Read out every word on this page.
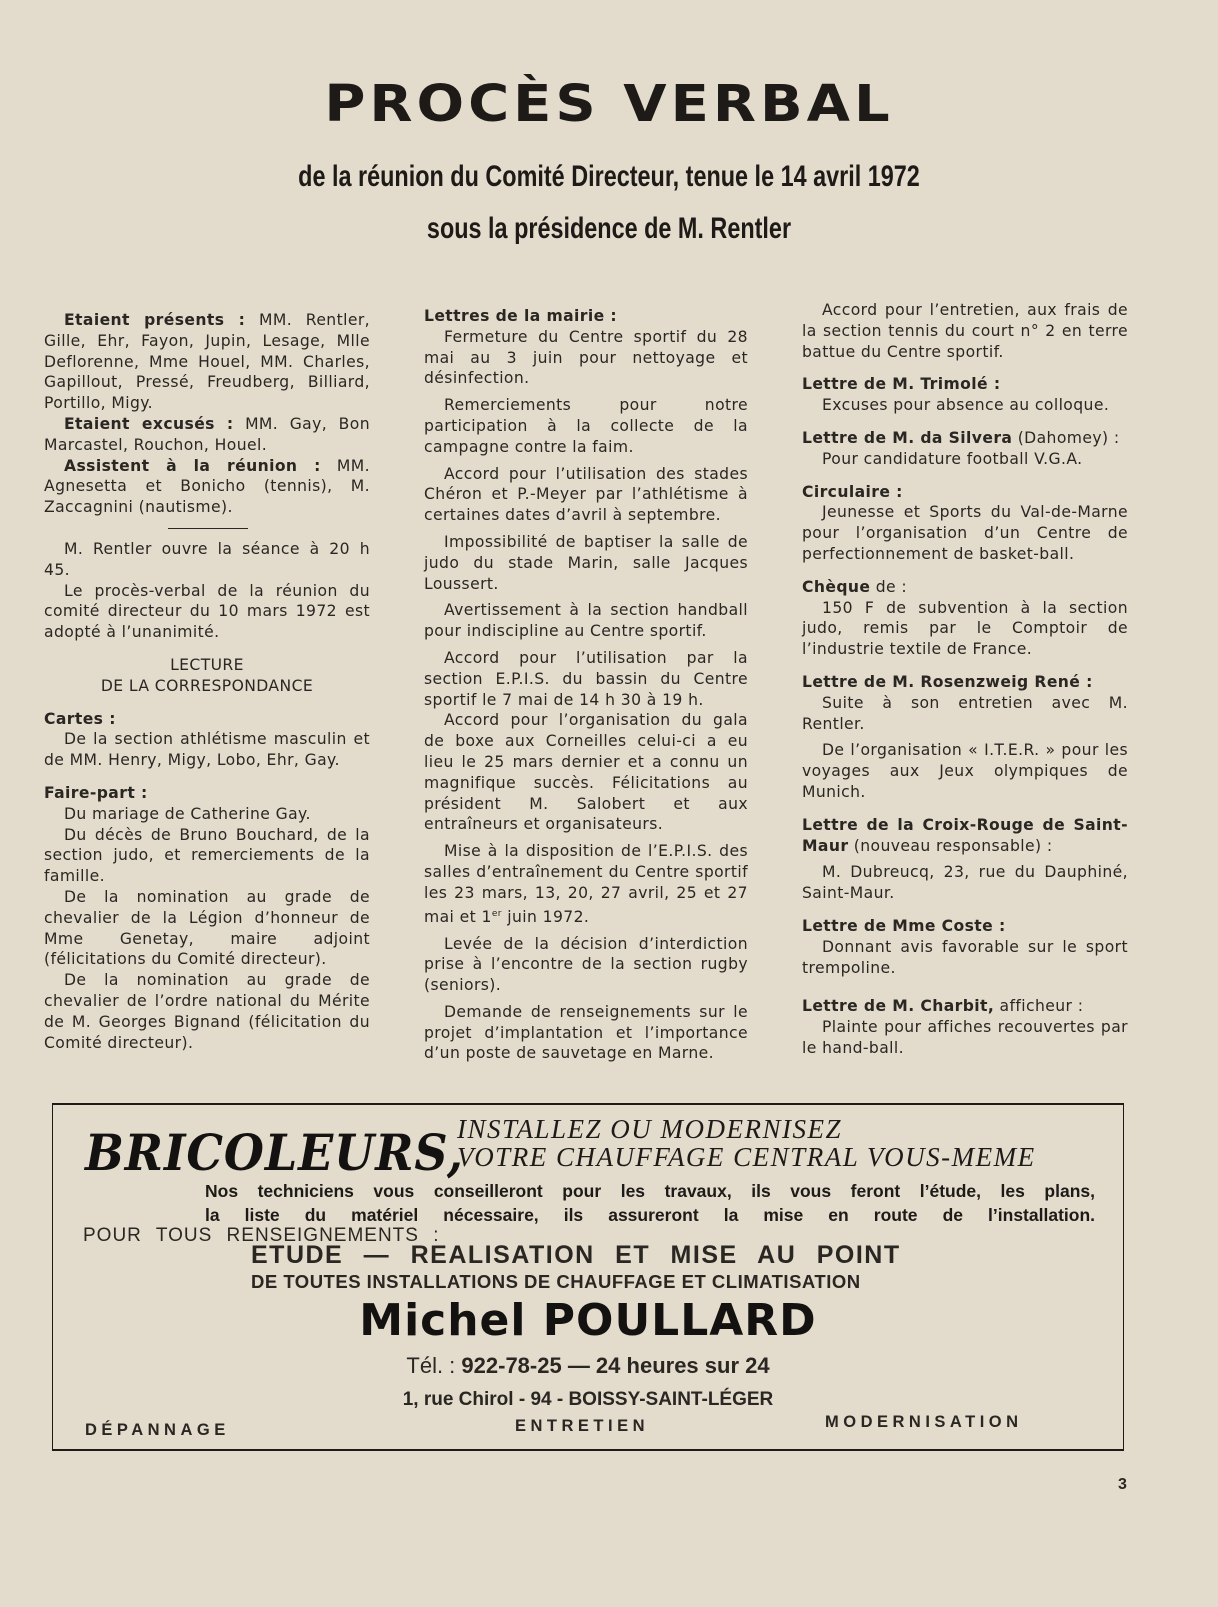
PROCÈS VERBAL
de la réunion du Comité Directeur, tenue le 14 avril 1972
sous la présidence de M. Rentler

Etaient présents : MM. Rentler, Gille, Ehr, Fayon, Jupin, Lesage, Mlle Deflorenne, Mme Houel, MM. Charles, Gapillout, Pressé, Freudberg, Billiard, Portillo, Migy.

Etaient excusés : MM. Gay, Bon Marcastel, Rouchon, Houel.

Assistent à la réunion : MM. Agnesetta et Bonicho (tennis), M. Zaccagnini (nautisme).

M. Rentler ouvre la séance à 20 h 45.

Le procès-verbal de la réunion du comité directeur du 10 mars 1972 est adopté à l’unanimité.

LECTURE

DE LA CORRESPONDANCE

Cartes :

De la section athlétisme masculin et de MM. Henry, Migy, Lobo, Ehr, Gay.

Faire-part :

Du mariage de Catherine Gay.

Du décès de Bruno Bouchard, de la section judo, et remerciements de la famille.

De la nomination au grade de chevalier de la Légion d’honneur de Mme Genetay, maire adjoint (félicitations du Comité directeur).

De la nomination au grade de chevalier de l’ordre national du Mérite de M. Georges Bignand (félicitation du Comité directeur).

Lettres de la mairie :

Fermeture du Centre sportif du 28 mai au 3 juin pour nettoyage et désinfection.

Remerciements pour notre participation à la collecte de la campagne contre la faim.

Accord pour l’utilisation des stades Chéron et P.-Meyer par l’athlétisme à certaines dates d’avril à septembre.

Impossibilité de baptiser la salle de judo du stade Marin, salle Jacques Loussert.

Avertissement à la section handball pour indiscipline au Centre sportif.

Accord pour l’utilisation par la section E.P.I.S. du bassin du Centre sportif le 7 mai de 14 h 30 à 19 h.

Accord pour l’organisation du gala de boxe aux Corneilles celui-ci a eu lieu le 25 mars dernier et a connu un magnifique succès. Félicitations au président M. Salobert et aux entraîneurs et organisateurs.

Mise à la disposition de l’E.P.I.S. des salles d’entraînement du Centre sportif les 23 mars, 13, 20, 27 avril, 25 et 27 mai et 1er juin 1972.

Levée de la décision d’interdiction prise à l’encontre de la section rugby (seniors).

Demande de renseignements sur le projet d’implantation et l’importance d’un poste de sauvetage en Marne.

Accord pour l’entretien, aux frais de la section tennis du court n° 2 en terre battue du Centre sportif.

Lettre de M. Trimolé :

Excuses pour absence au colloque.

Lettre de M. da Silvera (Dahomey) :

Pour candidature football V.G.A.

Circulaire :

Jeunesse et Sports du Val-de-Marne pour l’organisation d’un Centre de perfectionnement de basket-ball.

Chèque de :

150 F de subvention à la section judo, remis par le Comptoir de l’industrie textile de France.

Lettre de M. Rosenzweig René :

Suite à son entretien avec M. Rentler.

De l’organisation « I.T.E.R. » pour les voyages aux Jeux olympiques de Munich.

Lettre de la Croix-Rouge de Saint-Maur (nouveau responsable) :

M. Dubreucq, 23, rue du Dauphiné, Saint-Maur.

Lettre de Mme Coste :

Donnant avis favorable sur le sport trempoline.

Lettre de M. Charbit, afficheur :

Plainte pour affiches recouvertes par le hand-ball.

BRICOLEURS,
INSTALLEZ OU MODERNISEZ
VOTRE CHAUFFAGE CENTRAL VOUS-MEME
Nos techniciens vous conseilleront pour les travaux, ils vous feront l’étude, les plans,
la liste du matériel nécessaire, ils assureront la mise en route de l’installation.
POUR TOUS RENSEIGNEMENTS :
ETUDE — REALISATION ET MISE AU POINT
DE TOUTES INSTALLATIONS DE CHAUFFAGE ET CLIMATISATION
Michel POULLARD
Tél. : 922-78-25 — 24 heures sur 24
1, rue Chirol - 94 - BOISSY-SAINT-LÉGER
DÉPANNAGE	ENTRETIEN	MODERNISATION
3
